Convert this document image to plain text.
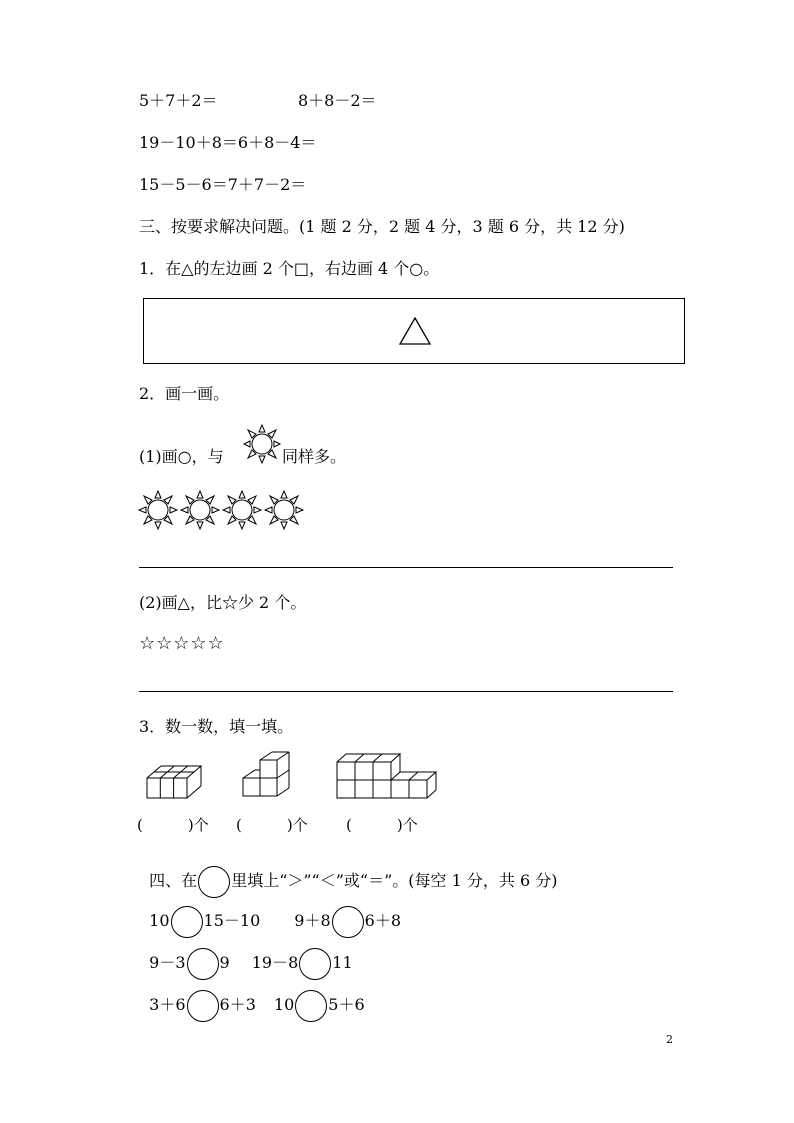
5＋7＋2＝	8＋8－2＝
19－10＋8＝6＋8－4＝
15－5－6＝7＋7－2＝
三、按要求解决问题。(1 题 2 分，2 题 4 分，3 题 6 分，共 12 分)
1．在△的左边画 2 个□，右边画 4 个○。
2．画一画。
(1)画○，与	同样多。
(2)画△，比☆少 2 个。
☆☆☆☆☆
3．数一数，填一填。
(　　　)个 (　　　)个	(　　　)个

四、在 里填上“＞”“＜”或“＝”。(每空 1 分，共 6 分)

10 15－10 9＋8 6＋8

9－3 9 19－8 11

3＋6 6＋3 10 5＋6

2
